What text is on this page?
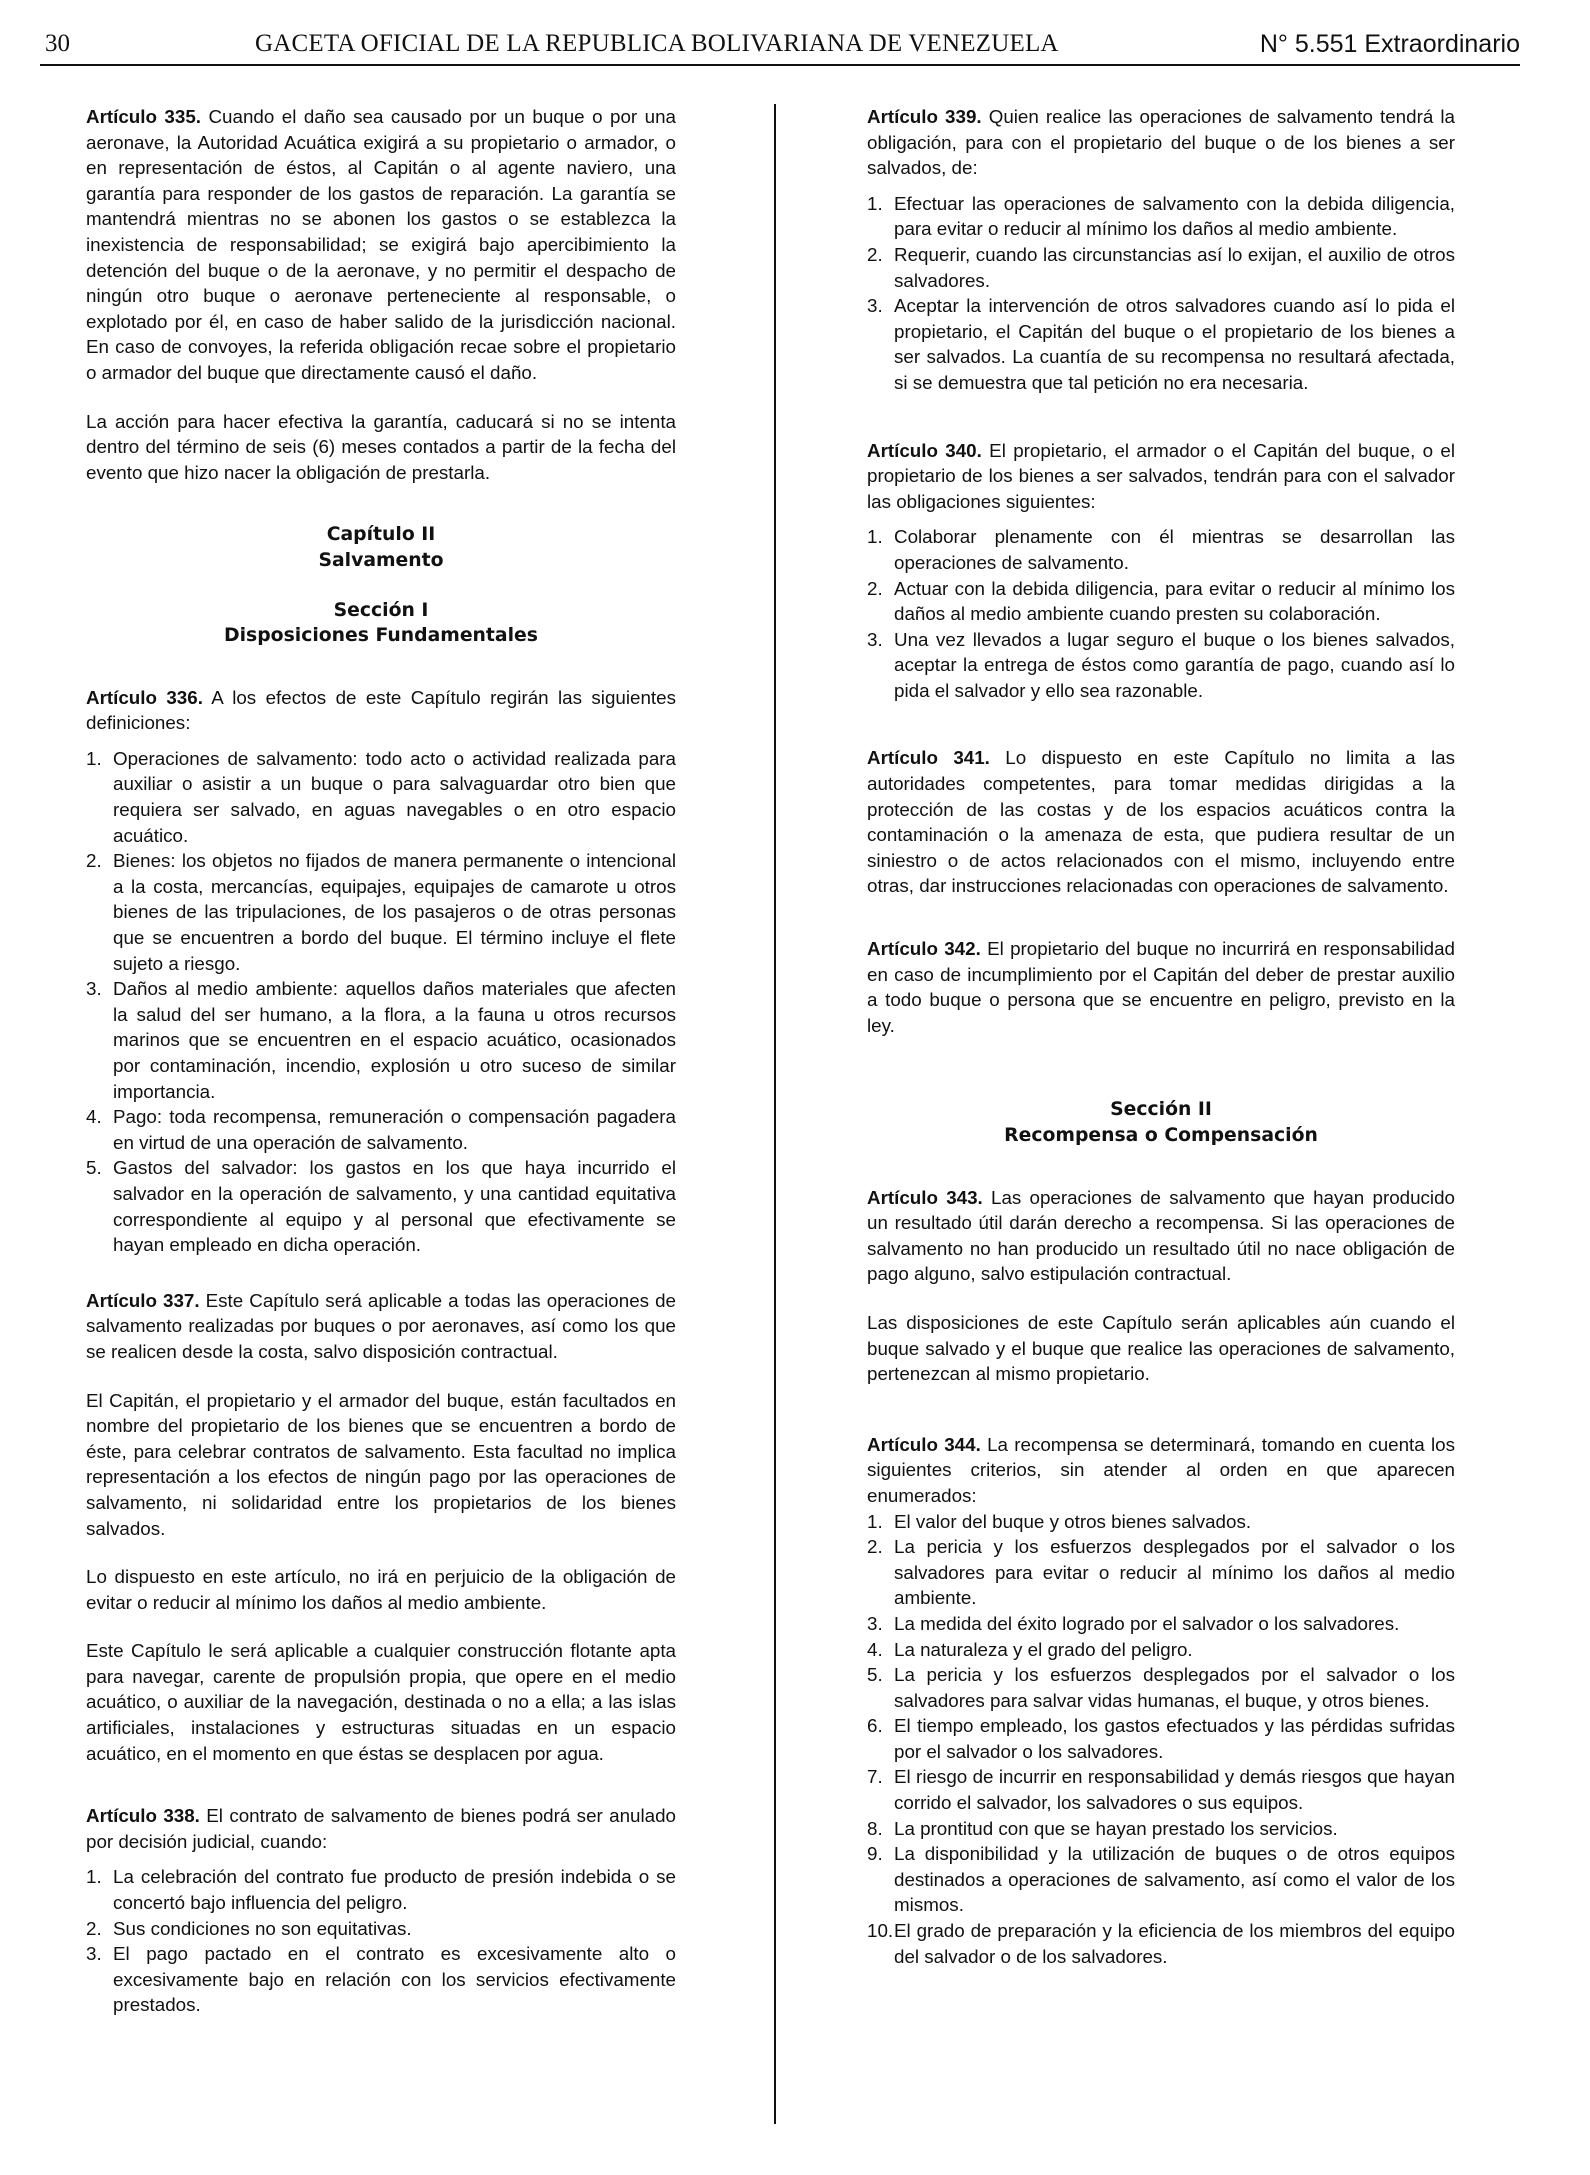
30	GACETA OFICIAL DE LA REPUBLICA BOLIVARIANA DE VENEZUELA	N° 5.551 Extraordinario

Artículo 335. Cuando el daño sea causado por un buque o por una aeronave, la Autoridad Acuática exigirá a su propietario o armador, o en representación de éstos, al Capitán o al agente naviero, una garantía para responder de los gastos de reparación. La garantía se mantendrá mientras no se abonen los gastos o se establezca la inexistencia de responsabilidad; se exigirá bajo apercibimiento la detención del buque o de la aeronave, y no permitir el despacho de ningún otro buque o aeronave perteneciente al responsable, o explotado por él, en caso de haber salido de la jurisdicción nacional. En caso de convoyes, la referida obligación recae sobre el propietario o armador del buque que directamente causó el daño.

La acción para hacer efectiva la garantía, caducará si no se intenta dentro del término de seis (6) meses contados a partir de la fecha del evento que hizo nacer la obligación de prestarla.

Capítulo II
Salvamento
Sección I
Disposiciones Fundamentales

Artículo 336. A los efectos de este Capítulo regirán las siguientes definiciones:

1. Operaciones de salvamento: todo acto o actividad realizada para auxiliar o asistir a un buque o para salvaguardar otro bien que requiera ser salvado, en aguas navegables o en otro espacio acuático.
2. Bienes: los objetos no fijados de manera permanente o intencional a la costa, mercancías, equipajes, equipajes de camarote u otros bienes de las tripulaciones, de los pasajeros o de otras personas que se encuentren a bordo del buque. El término incluye el flete sujeto a riesgo.
3. Daños al medio ambiente: aquellos daños materiales que afecten la salud del ser humano, a la flora, a la fauna u otros recursos marinos que se encuentren en el espacio acuático, ocasionados por contaminación, incendio, explosión u otro suceso de similar importancia.
4. Pago: toda recompensa, remuneración o compensación pagadera en virtud de una operación de salvamento.
5. Gastos del salvador: los gastos en los que haya incurrido el salvador en la operación de salvamento, y una cantidad equitativa correspondiente al equipo y al personal que efectivamente se hayan empleado en dicha operación.

Artículo 337. Este Capítulo será aplicable a todas las operaciones de salvamento realizadas por buques o por aeronaves, así como los que se realicen desde la costa, salvo disposición contractual.

El Capitán, el propietario y el armador del buque, están facultados en nombre del propietario de los bienes que se encuentren a bordo de éste, para celebrar contratos de salvamento. Esta facultad no implica representación a los efectos de ningún pago por las operaciones de salvamento, ni solidaridad entre los propietarios de los bienes salvados.

Lo dispuesto en este artículo, no irá en perjuicio de la obligación de evitar o reducir al mínimo los daños al medio ambiente.

Este Capítulo le será aplicable a cualquier construcción flotante apta para navegar, carente de propulsión propia, que opere en el medio acuático, o auxiliar de la navegación, destinada o no a ella; a las islas artificiales, instalaciones y estructuras situadas en un espacio acuático, en el momento en que éstas se desplacen por agua.

Artículo 338. El contrato de salvamento de bienes podrá ser anulado por decisión judicial, cuando:

1. La celebración del contrato fue producto de presión indebida o se concertó bajo influencia del peligro.
2. Sus condiciones no son equitativas.
3. El pago pactado en el contrato es excesivamente alto o excesivamente bajo en relación con los servicios efectivamente prestados.

Artículo 339. Quien realice las operaciones de salvamento tendrá la obligación, para con el propietario del buque o de los bienes a ser salvados, de:

1. Efectuar las operaciones de salvamento con la debida diligencia, para evitar o reducir al mínimo los daños al medio ambiente.
2. Requerir, cuando las circunstancias así lo exijan, el auxilio de otros salvadores.
3. Aceptar la intervención de otros salvadores cuando así lo pida el propietario, el Capitán del buque o el propietario de los bienes a ser salvados. La cuantía de su recompensa no resultará afectada, si se demuestra que tal petición no era necesaria.

Artículo 340. El propietario, el armador o el Capitán del buque, o el propietario de los bienes a ser salvados, tendrán para con el salvador las obligaciones siguientes:

1. Colaborar plenamente con él mientras se desarrollan las operaciones de salvamento.
2. Actuar con la debida diligencia, para evitar o reducir al mínimo los daños al medio ambiente cuando presten su colaboración.
3. Una vez llevados a lugar seguro el buque o los bienes salvados, aceptar la entrega de éstos como garantía de pago, cuando así lo pida el salvador y ello sea razonable.

Artículo 341. Lo dispuesto en este Capítulo no limita a las autoridades competentes, para tomar medidas dirigidas a la protección de las costas y de los espacios acuáticos contra la contaminación o la amenaza de esta, que pudiera resultar de un siniestro o de actos relacionados con el mismo, incluyendo entre otras, dar instrucciones relacionadas con operaciones de salvamento.

Artículo 342. El propietario del buque no incurrirá en responsabilidad en caso de incumplimiento por el Capitán del deber de prestar auxilio a todo buque o persona que se encuentre en peligro, previsto en la ley.

Sección II
Recompensa o Compensación

Artículo 343. Las operaciones de salvamento que hayan producido un resultado útil darán derecho a recompensa. Si las operaciones de salvamento no han producido un resultado útil no nace obligación de pago alguno, salvo estipulación contractual.

Las disposiciones de este Capítulo serán aplicables aún cuando el buque salvado y el buque que realice las operaciones de salvamento, pertenezcan al mismo propietario.

Artículo 344. La recompensa se determinará, tomando en cuenta los siguientes criterios, sin atender al orden en que aparecen enumerados:

1. El valor del buque y otros bienes salvados.
2. La pericia y los esfuerzos desplegados por el salvador o los salvadores para evitar o reducir al mínimo los daños al medio ambiente.
3. La medida del éxito logrado por el salvador o los salvadores.
4. La naturaleza y el grado del peligro.
5. La pericia y los esfuerzos desplegados por el salvador o los salvadores para salvar vidas humanas, el buque, y otros bienes.
6. El tiempo empleado, los gastos efectuados y las pérdidas sufridas por el salvador o los salvadores.
7. El riesgo de incurrir en responsabilidad y demás riesgos que hayan corrido el salvador, los salvadores o sus equipos.
8. La prontitud con que se hayan prestado los servicios.
9. La disponibilidad y la utilización de buques o de otros equipos destinados a operaciones de salvamento, así como el valor de los mismos.
10. El grado de preparación y la eficiencia de los miembros del equipo del salvador o de los salvadores.
